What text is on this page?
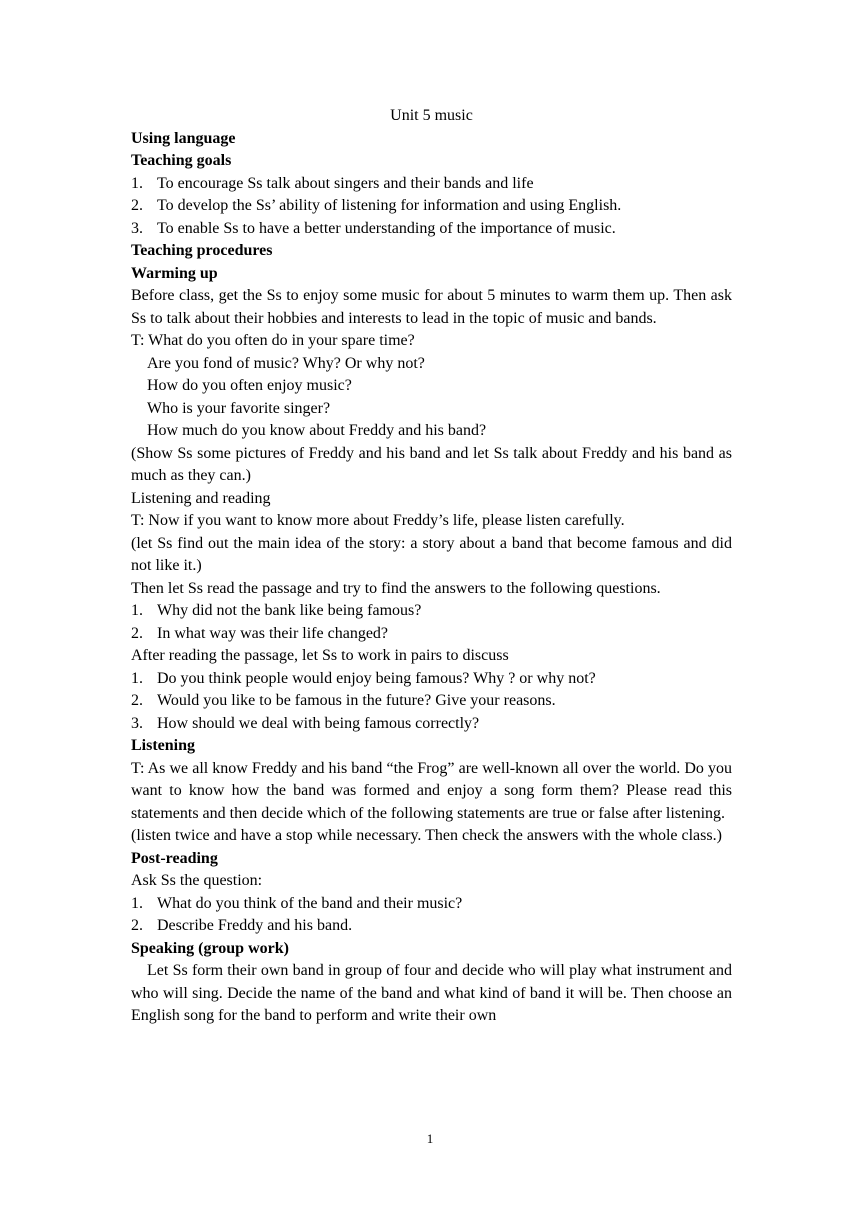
Unit 5 music

Using language

Teaching goals

1. To encourage Ss talk about singers and their bands and life
2. To develop the Ss’ ability of listening for information and using English.
3. To enable Ss to have a better understanding of the importance of music.

Teaching procedures

Warming up

Before class, get the Ss to enjoy some music for about 5 minutes to warm them up. Then ask Ss to talk about their hobbies and interests to lead in the topic of music and bands.

T: What do you often do in your spare time?

Are you fond of music? Why? Or why not?

How do you often enjoy music?

Who is your favorite singer?

How much do you know about Freddy and his band?

(Show Ss some pictures of Freddy and his band and let Ss talk about Freddy and his band as much as they can.)

Listening and reading

T: Now if you want to know more about Freddy’s life, please listen carefully.

(let Ss find out the main idea of the story: a story about a band that become famous and did not like it.)

Then let Ss read the passage and try to find the answers to the following questions.

1. Why did not the bank like being famous?
2. In what way was their life changed?

After reading the passage, let Ss to work in pairs to discuss

1. Do you think people would enjoy being famous? Why ? or why not?
2. Would you like to be famous in the future? Give your reasons.
3. How should we deal with being famous correctly?

Listening

T: As we all know Freddy and his band “the Frog” are well-known all over the world. Do you want to know how the band was formed and enjoy a song form them? Please read this statements and then decide which of the following statements are true or false after listening.

(listen twice and have a stop while necessary. Then check the answers with the whole class.)

Post-reading

Ask Ss the question:

1. What do you think of the band and their music?
2. Describe Freddy and his band.

Speaking (group work)

Let Ss form their own band in group of four and decide who will play what instrument and who will sing. Decide the name of the band and what kind of band it will be. Then choose an English song for the band to perform and write their own

1
